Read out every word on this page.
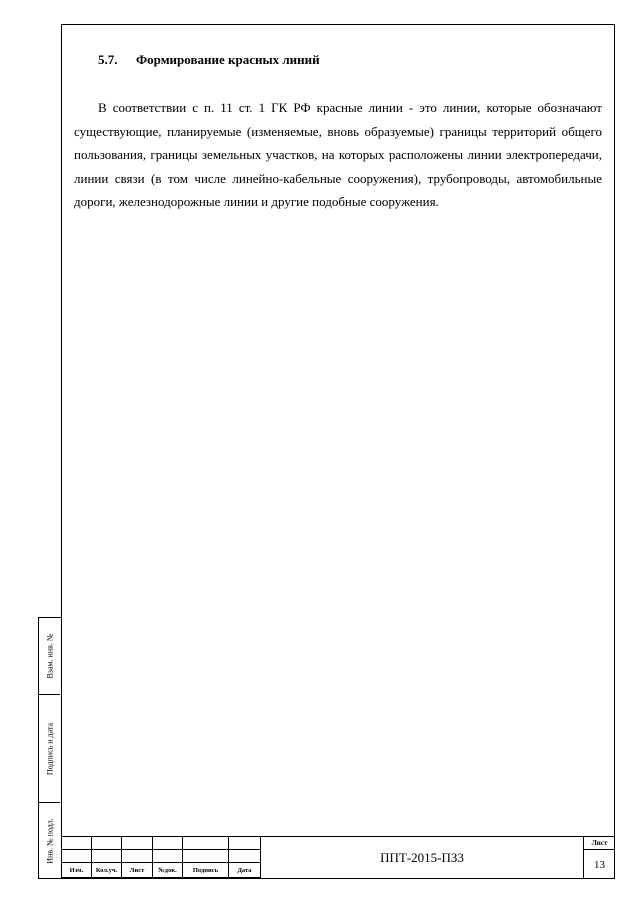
Взам. инв. №
Подпись и дата
Инв. № подл.
5.7. Формирование красных линий

В соответствии с п. 11 ст. 1 ГК РФ красные линии - это линии, которые обозначают существующие, планируемые (изменяемые, вновь образуемые) границы территорий общего пользования, границы земельных участков, на которых расположены линии электропередачи, линии связи (в том числе линейно-кабельные сооружения), трубопроводы, автомобильные дороги, железнодорожные линии и другие подобные сооружения.

Изм.	Кол.уч.	Лист	№док.	Подпись	Дата
ППТ-2015-ПЗ3
Лист
13
